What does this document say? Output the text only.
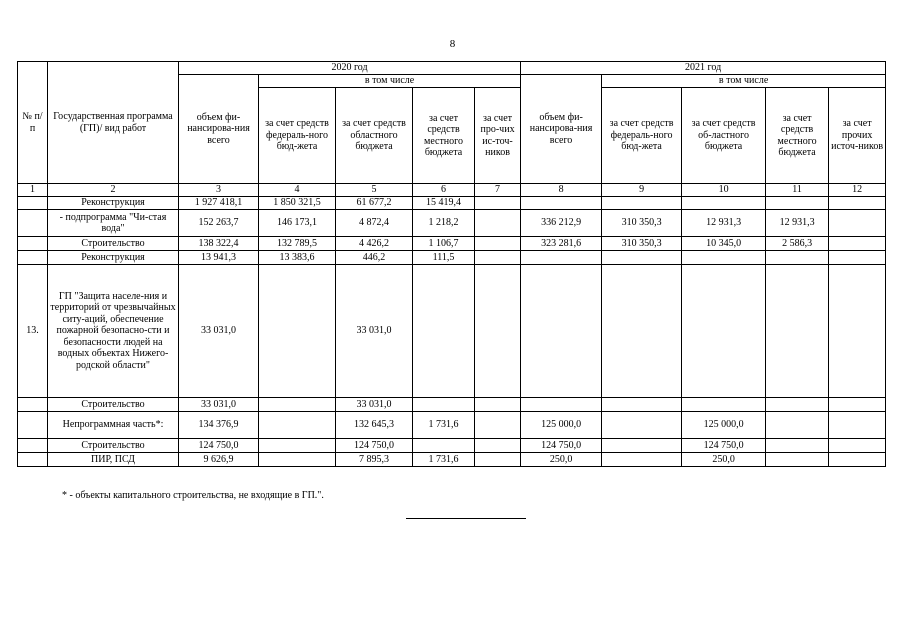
8
№ п/п	Государственная программа (ГП)/ вид работ	2020 год					2021 год				
		объем фи-нансирова-ния всего	в том числе				объем фи-нансирова-ния всего	в том числе			
			за счет средств федераль-ного бюд-жета	за счет средств областного бюджета	за счет средств местного бюджета	за счет про-чих ис-точ-ников		за счет средств федераль-ного бюд-жета	за счет средств об-ластного бюджета	за счет средств местного бюджета	за счет прочих источ-ников
1	2	3	4	5	6	7	8	9	10	11	12
	Реконструкция	1 927 418,1	1 850 321,5	61 677,2	15 419,4						
	- подпрограмма "Чи-стая вода"	152 263,7	146 173,1	4 872,4	1 218,2		336 212,9	310 350,3	12 931,3	12 931,3	
	Строительство	138 322,4	132 789,5	4 426,2	1 106,7		323 281,6	310 350,3	10 345,0	2 586,3	
	Реконструкция	13 941,3	13 383,6	446,2	111,5						
13.	ГП "Защита населе-ния и территорий от чрезвычайных ситу-аций, обеспечение пожарной безопасно-сти и безопасности людей на водных объектах Нижего-родской области"	33 031,0		33 031,0							
	Строительство	33 031,0		33 031,0							
	Непрограммная часть*:	134 376,9		132 645,3	1 731,6		125 000,0		125 000,0		
	Строительство	124 750,0		124 750,0			124 750,0		124 750,0		
	ПИР, ПСД	9 626,9		7 895,3	1 731,6		250,0		250,0		
* - объекты капитального строительства, не входящие в ГП.".
